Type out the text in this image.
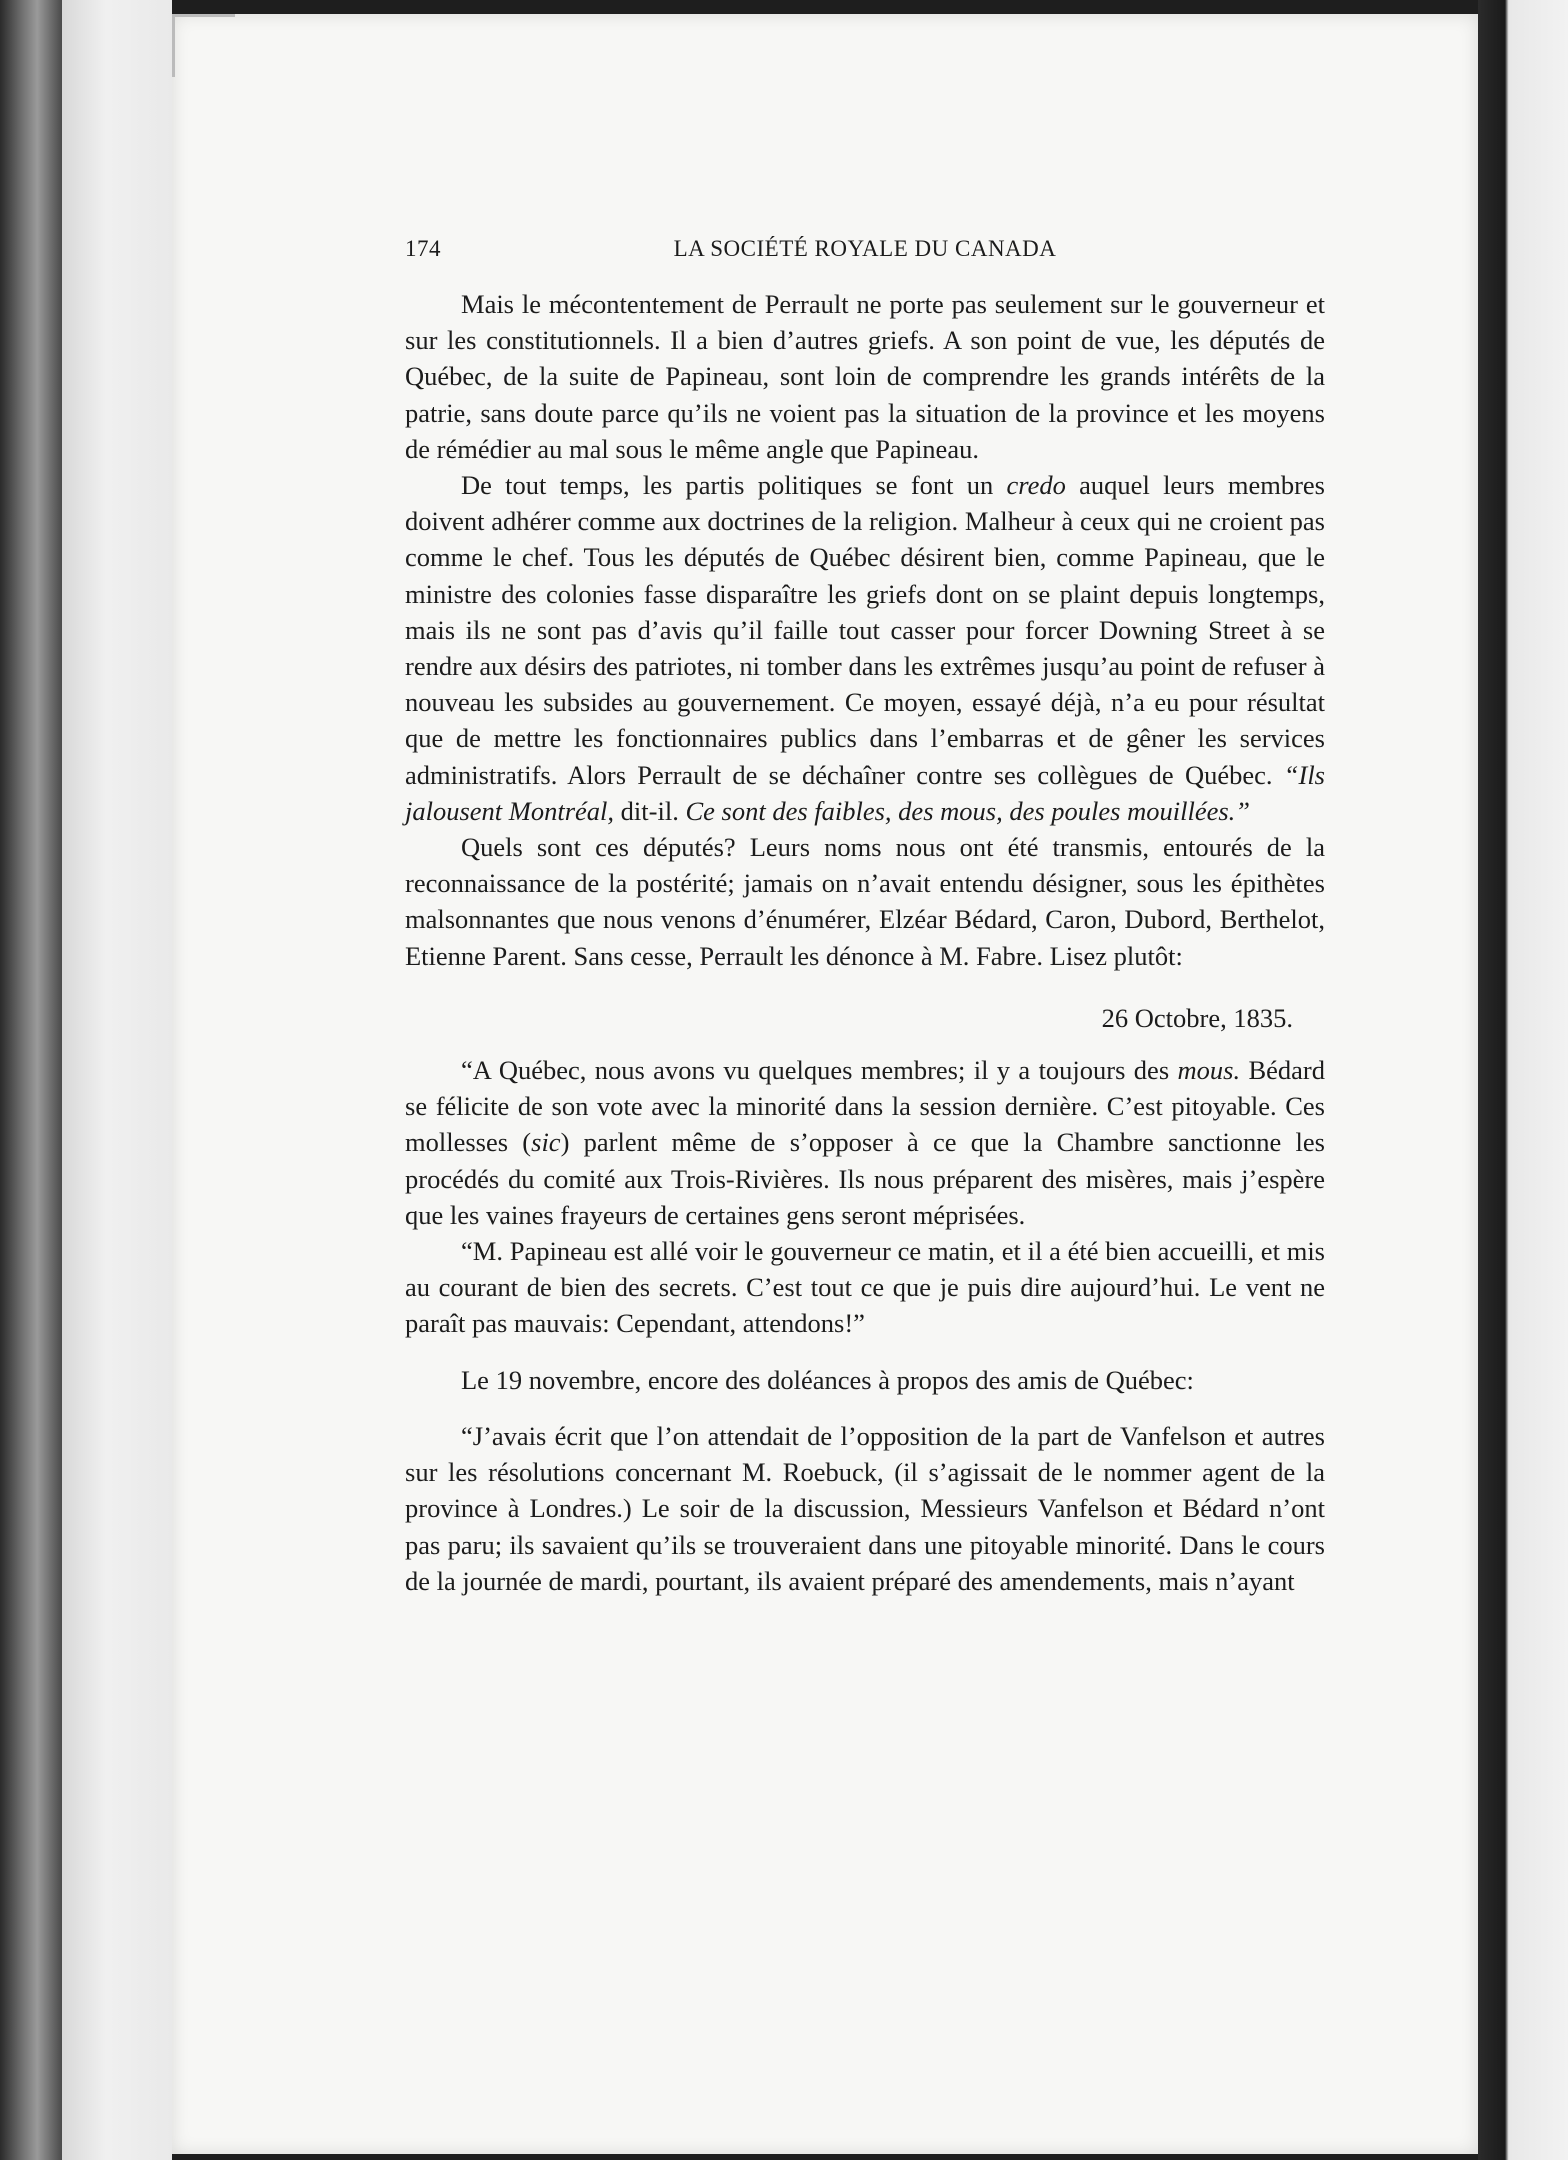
174	LA SOCIÉTÉ ROYALE DU CANADA

Mais le mécontentement de Perrault ne porte pas seulement sur le gouverneur et sur les constitutionnels. Il a bien d’autres griefs. A son point de vue, les députés de Québec, de la suite de Papineau, sont loin de comprendre les grands intérêts de la patrie, sans doute parce qu’ils ne voient pas la situation de la province et les moyens de rémédier au mal sous le même angle que Papineau.

De tout temps, les partis politiques se font un credo auquel leurs membres doivent adhérer comme aux doctrines de la religion. Malheur à ceux qui ne croient pas comme le chef. Tous les députés de Québec désirent bien, comme Papineau, que le ministre des colonies fasse disparaître les griefs dont on se plaint depuis longtemps, mais ils ne sont pas d’avis qu’il faille tout casser pour forcer Downing Street à se rendre aux désirs des patriotes, ni tomber dans les extrêmes jusqu’au point de refuser à nouveau les subsides au gouvernement. Ce moyen, essayé déjà, n’a eu pour résultat que de mettre les fonctionnaires publics dans l’embarras et de gêner les services administratifs. Alors Perrault de se déchaîner contre ses collègues de Québec. “Ils jalousent Montréal, dit-il. Ce sont des faibles, des mous, des poules mouillées.”

Quels sont ces députés? Leurs noms nous ont été transmis, entourés de la reconnaissance de la postérité; jamais on n’avait entendu désigner, sous les épithètes malsonnantes que nous venons d’énumérer, Elzéar Bédard, Caron, Dubord, Berthelot, Etienne Parent. Sans cesse, Perrault les dénonce à M. Fabre. Lisez plutôt:

26 Octobre, 1835.

“A Québec, nous avons vu quelques membres; il y a toujours des mous. Bédard se félicite de son vote avec la minorité dans la session dernière. C’est pitoyable. Ces mollesses (sic) parlent même de s’opposer à ce que la Chambre sanctionne les procédés du comité aux Trois-Rivières. Ils nous préparent des misères, mais j’espère que les vaines frayeurs de certaines gens seront méprisées.

“M. Papineau est allé voir le gouverneur ce matin, et il a été bien accueilli, et mis au courant de bien des secrets. C’est tout ce que je puis dire aujourd’hui. Le vent ne paraît pas mauvais: Cependant, attendons!”

Le 19 novembre, encore des doléances à propos des amis de Québec:

“J’avais écrit que l’on attendait de l’opposition de la part de Vanfelson et autres sur les résolutions concernant M. Roebuck, (il s’agissait de le nommer agent de la province à Londres.) Le soir de la discussion, Messieurs Vanfelson et Bédard n’ont pas paru; ils savaient qu’ils se trouveraient dans une pitoyable minorité. Dans le cours de la journée de mardi, pourtant, ils avaient préparé des amendements, mais n’ayant
